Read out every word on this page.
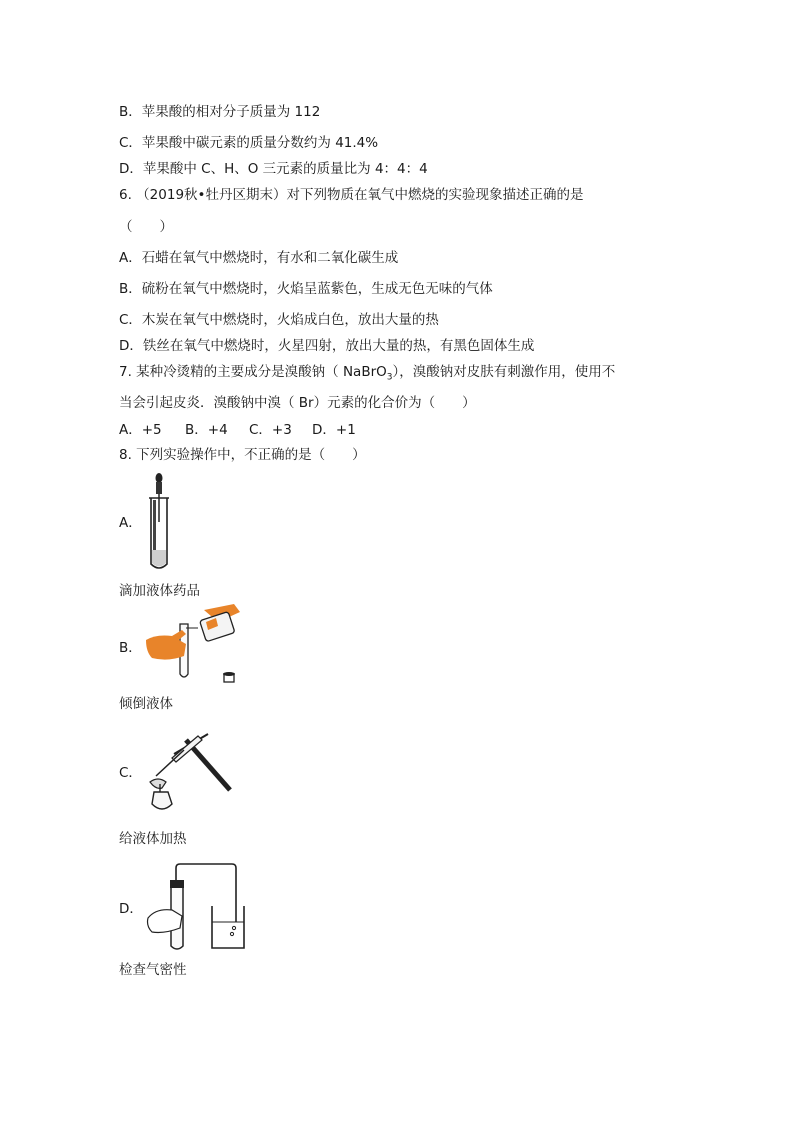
B．苹果酸的相对分子质量为 112
C．苹果酸中碳元素的质量分数约为 41.4%
D．苹果酸中 C、H、O 三元素的质量比为 4：4：4
6. （2019秋•牡丹区期末）对下列物质在氧气中燃烧的实验现象描述正确的是
（　　）
A．石蜡在氧气中燃烧时，有水和二氧化碳生成
B．硫粉在氧气中燃烧时，火焰呈蓝紫色，生成无色无味的气体
C．木炭在氧气中燃烧时，火焰成白色，放出大量的热
D．铁丝在氧气中燃烧时，火星四射，放出大量的热，有黑色固体生成
7. 某种冷烫精的主要成分是溴酸钠（ NaBrO$_3$），溴酸钠对皮肤有刺激作用，使用不
当会引起皮炎．溴酸钠中溴（ Br）元素的化合价为（　　）
A．+5 B．+4 C．+3 D．+1
8. 下列实验操作中，不正确的是（　　）
A．
滴加液体药品
B．
倾倒液体
C．
给液体加热
D．
检查气密性
